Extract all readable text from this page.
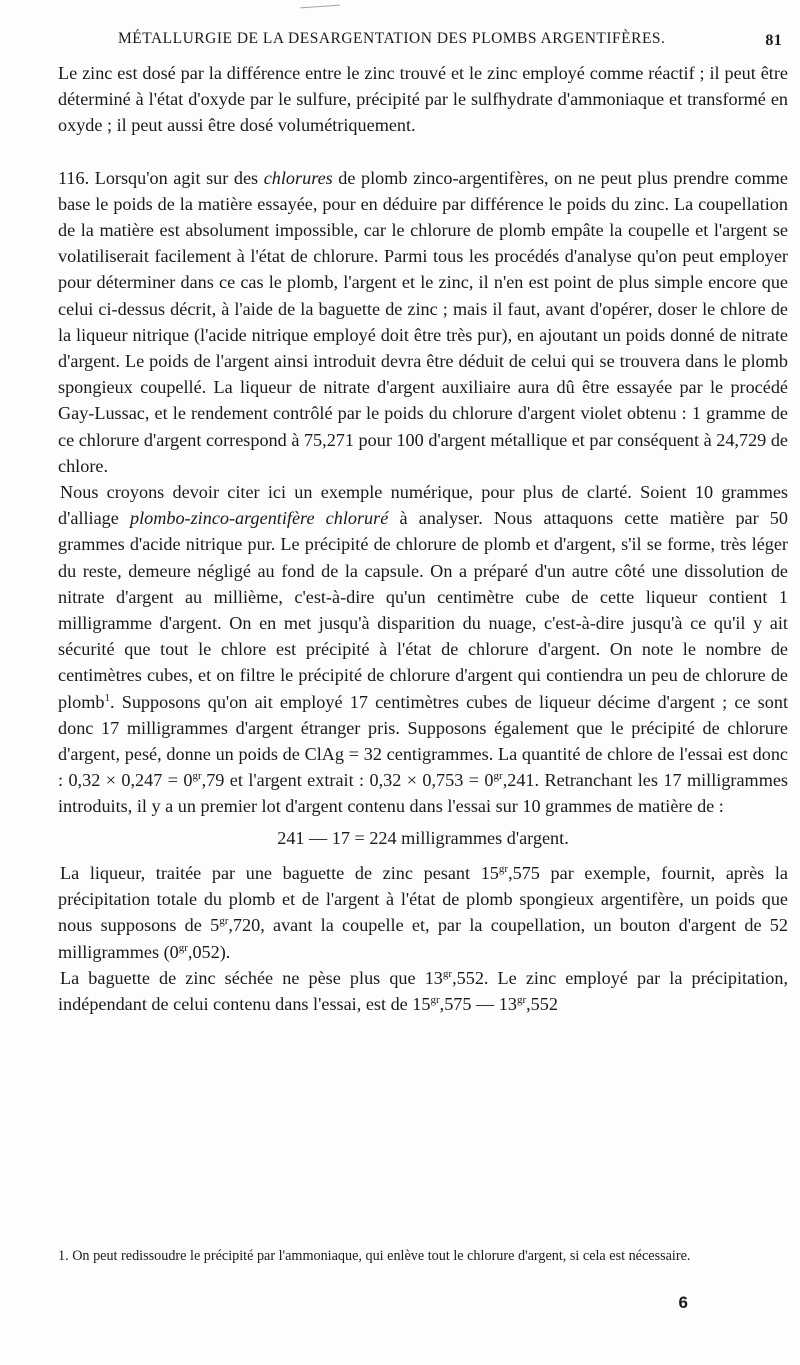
MÉTALLURGIE DE LA DESARGENTATION DES PLOMBS ARGENTIFÈRES.	81

Le zinc est dosé par la différence entre le zinc trouvé et le zinc employé comme réactif ; il peut être déterminé à l'état d'oxyde par le sulfure, précipité par le sulfhydrate d'ammoniaque et transformé en oxyde ; il peut aussi être dosé volumétriquement.

116. Lorsqu'on agit sur des chlorures de plomb zinco-argentifères, on ne peut plus prendre comme base le poids de la matière essayée, pour en déduire par différence le poids du zinc. La coupellation de la matière est absolument impossible, car le chlorure de plomb empâte la coupelle et l'argent se volatiliserait facilement à l'état de chlorure. Parmi tous les procédés d'analyse qu'on peut employer pour déterminer dans ce cas le plomb, l'argent et le zinc, il n'en est point de plus simple encore que celui ci-dessus décrit, à l'aide de la baguette de zinc ; mais il faut, avant d'opérer, doser le chlore de la liqueur nitrique (l'acide nitrique employé doit être très pur), en ajoutant un poids donné de nitrate d'argent. Le poids de l'argent ainsi introduit devra être déduit de celui qui se trouvera dans le plomb spongieux coupellé. La liqueur de nitrate d'argent auxiliaire aura dû être essayée par le procédé Gay-Lussac, et le rendement contrôlé par le poids du chlorure d'argent violet obtenu : 1 gramme de ce chlorure d'argent correspond à 75,271 pour 100 d'argent métallique et par conséquent à 24,729 de chlore.

Nous croyons devoir citer ici un exemple numérique, pour plus de clarté. Soient 10 grammes d'alliage plombo-zinco-argentifère chloruré à analyser. Nous attaquons cette matière par 50 grammes d'acide nitrique pur. Le précipité de chlorure de plomb et d'argent, s'il se forme, très léger du reste, demeure négligé au fond de la capsule. On a préparé d'un autre côté une dissolution de nitrate d'argent au millième, c'est-à-dire qu'un centimètre cube de cette liqueur contient 1 milligramme d'argent. On en met jusqu'à disparition du nuage, c'est-à-dire jusqu'à ce qu'il y ait sécurité que tout le chlore est précipité à l'état de chlorure d'argent. On note le nombre de centimètres cubes, et on filtre le précipité de chlorure d'argent qui contiendra un peu de chlorure de plomb$^1$. Supposons qu'on ait employé 17 centimètres cubes de liqueur décime d'argent ; ce sont donc 17 milligrammes d'argent étranger pris. Supposons également que le précipité de chlorure d'argent, pesé, donne un poids de ClAg = 32 centigrammes. La quantité de chlore de l'essai est donc : $0,32 \times 0,247 = 0^{gr},79$ et l'argent extrait : $0,32 \times 0,753 = 0^{gr},241$. Retranchant les 17 milligrammes introduits, il y a un premier lot d'argent contenu dans l'essai sur 10 grammes de matière de :

241 — 17 = 224 milligrammes d'argent.

La liqueur, traitée par une baguette de zinc pesant $15^{gr},575$ par exemple, fournit, après la précipitation totale du plomb et de l'argent à l'état de plomb spongieux argentifère, un poids que nous supposons de $5^{gr},720$, avant la coupelle et, par la coupellation, un bouton d'argent de 52 milligrammes $(0^{gr},052)$.

La baguette de zinc séchée ne pèse plus que $13^{gr},552$. Le zinc employé par la précipitation, indépendant de celui contenu dans l'essai, est de $15^{gr},575$ — $13^{gr},552$

1. On peut redissoudre le précipité par l'ammoniaque, qui enlève tout le chlorure d'argent, si cela est nécessaire.
6
